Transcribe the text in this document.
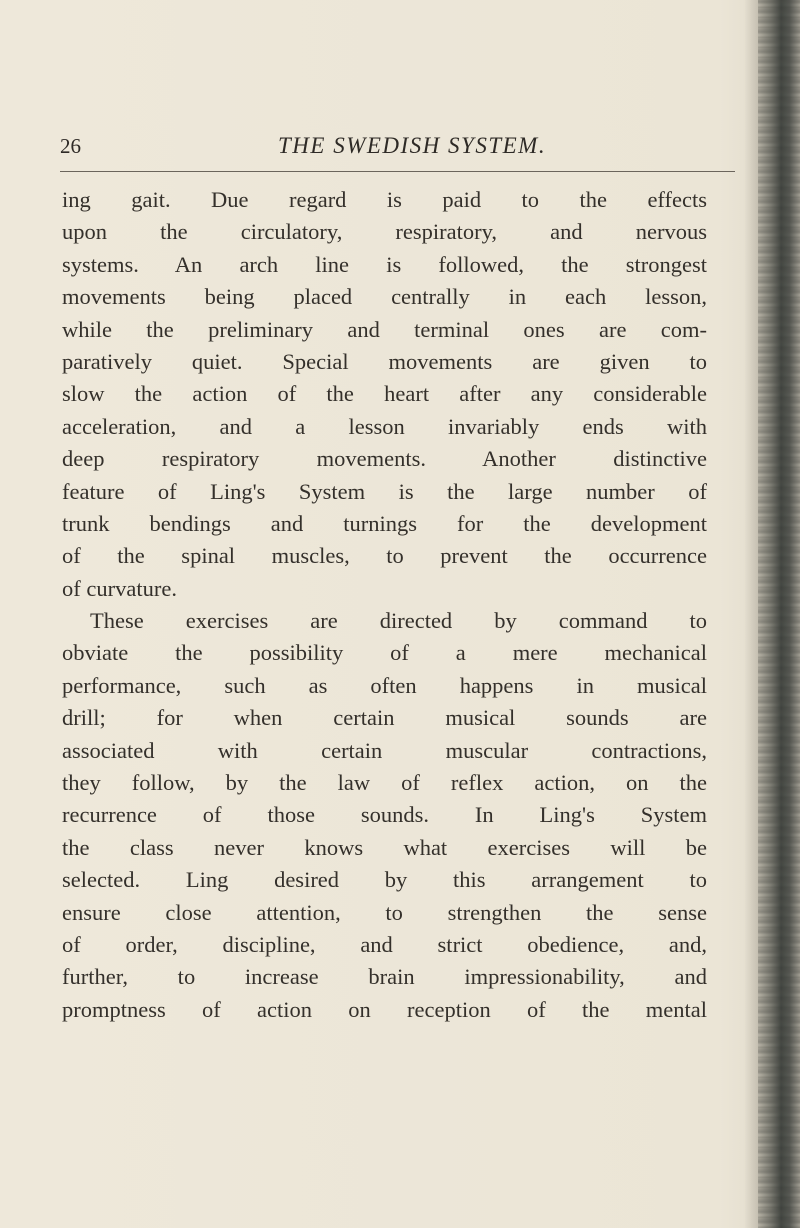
26	THE SWEDISH SYSTEM.
ing gait. Due regard is paid to the effects
upon the circulatory, respiratory, and nervous
systems. An arch line is followed, the strongest
movements being placed centrally in each lesson,
while the preliminary and terminal ones are com-
paratively quiet. Special movements are given to
slow the action of the heart after any considerable
acceleration, and a lesson invariably ends with
deep respiratory movements. Another distinctive
feature of Ling's System is the large number of
trunk bendings and turnings for the development
of the spinal muscles, to prevent the occurrence
of curvature.
These exercises are directed by command to
obviate the possibility of a mere mechanical
performance, such as often happens in musical
drill; for when certain musical sounds are
associated with certain muscular contractions,
they follow, by the law of reflex action, on the
recurrence of those sounds. In Ling's System
the class never knows what exercises will be
selected. Ling desired by this arrangement to
ensure close attention, to strengthen the sense
of order, discipline, and strict obedience, and,
further, to increase brain impressionability, and
promptness of action on reception of the mental
